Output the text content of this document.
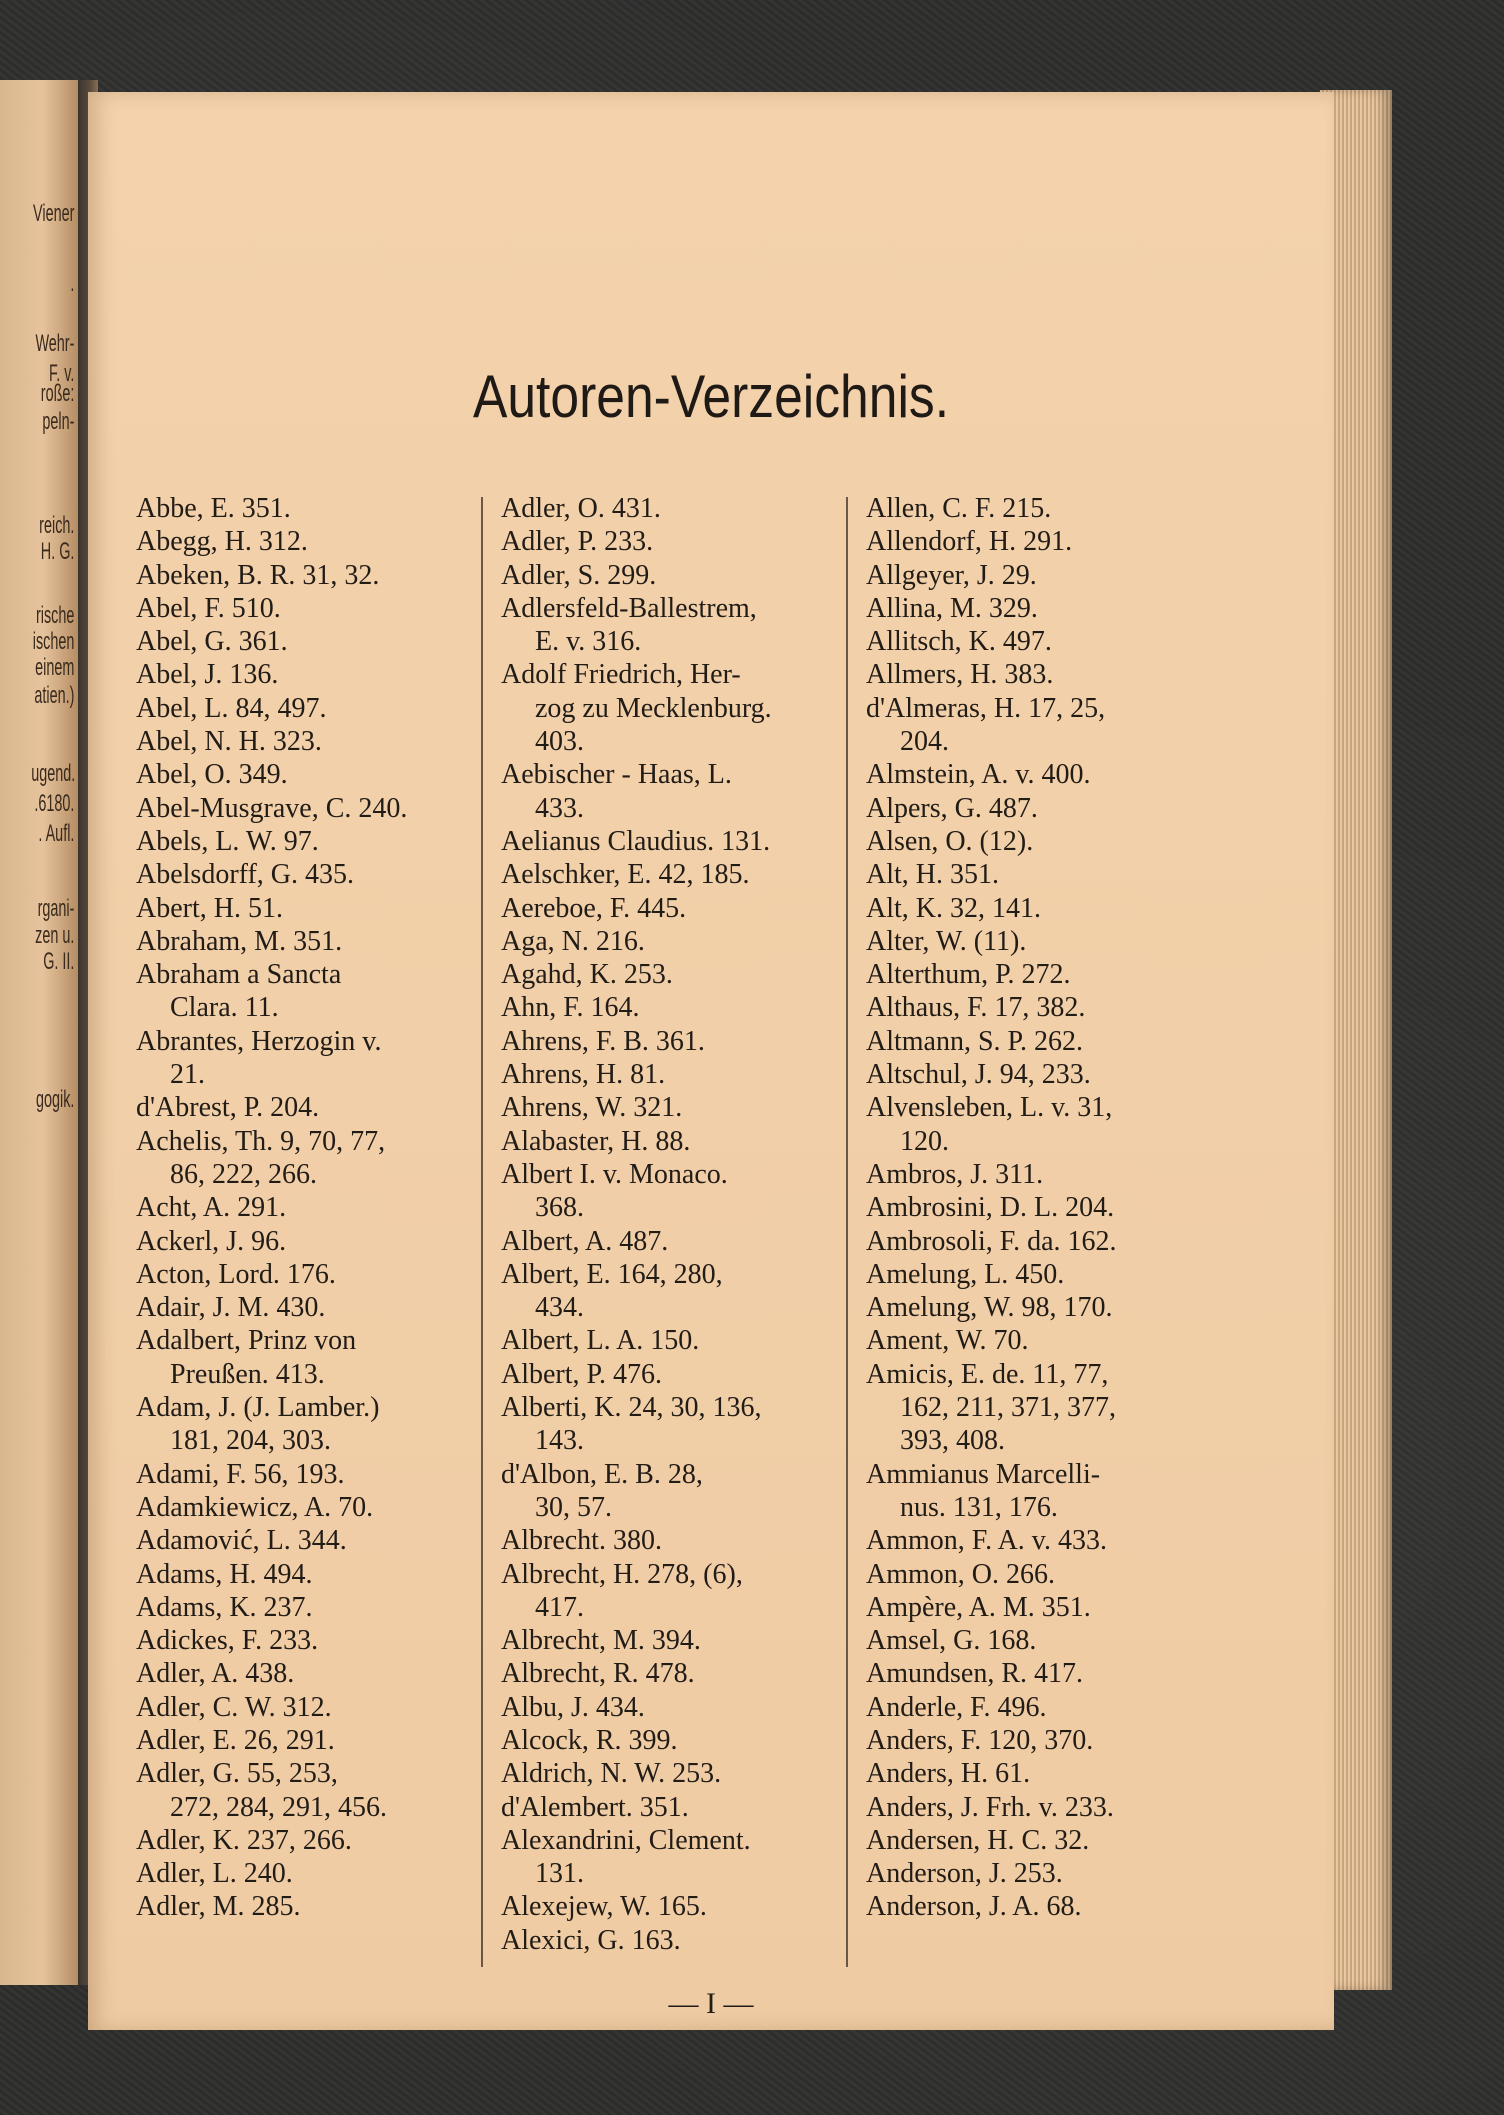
Viener
.
Wehr-
F. v.
roße:
peln-
reich.
H. G.
rische
ischen
einem
atien.)
ugend.
.6180.
. Aufl.
rgani-
zen u.
G. II.
gogik.
Autoren-Verzeichnis.
Abbe, E. 351.
Abegg, H. 312.
Abeken, B. R. 31, 32.
Abel, F. 510.
Abel, G. 361.
Abel, J. 136.
Abel, L. 84, 497.
Abel, N. H. 323.
Abel, O. 349.
Abel-Musgrave, C. 240.
Abels, L. W. 97.
Abelsdorff, G. 435.
Abert, H. 51.
Abraham, M. 351.
Abraham a Sancta
Clara. 11.
Abrantes, Herzogin v.
21.
d'Abrest, P. 204.
Achelis, Th. 9, 70, 77,
86, 222, 266.
Acht, A. 291.
Ackerl, J. 96.
Acton, Lord. 176.
Adair, J. M. 430.
Adalbert, Prinz von
Preußen. 413.
Adam, J. (J. Lamber.)
181, 204, 303.
Adami, F. 56, 193.
Adamkiewicz, A. 70.
Adamović, L. 344.
Adams, H. 494.
Adams, K. 237.
Adickes, F. 233.
Adler, A. 438.
Adler, C. W. 312.
Adler, E. 26, 291.
Adler, G. 55, 253,
272, 284, 291, 456.
Adler, K. 237, 266.
Adler, L. 240.
Adler, M. 285.
Adler, O. 431.
Adler, P. 233.
Adler, S. 299.
Adlersfeld-Ballestrem,
E. v. 316.
Adolf Friedrich, Her-
zog zu Mecklenburg.
403.
Aebischer - Haas, L.
433.
Aelianus Claudius. 131.
Aelschker, E. 42, 185.
Aereboe, F. 445.
Aga, N. 216.
Agahd, K. 253.
Ahn, F. 164.
Ahrens, F. B. 361.
Ahrens, H. 81.
Ahrens, W. 321.
Alabaster, H. 88.
Albert I. v. Monaco.
368.
Albert, A. 487.
Albert, E. 164, 280,
434.
Albert, L. A. 150.
Albert, P. 476.
Alberti, K. 24, 30, 136,
143.
d'Albon, E. B. 28,
30, 57.
Albrecht. 380.
Albrecht, H. 278, (6),
417.
Albrecht, M. 394.
Albrecht, R. 478.
Albu, J. 434.
Alcock, R. 399.
Aldrich, N. W. 253.
d'Alembert. 351.
Alexandrini, Clement.
131.
Alexejew, W. 165.
Alexici, G. 163.
Allen, C. F. 215.
Allendorf, H. 291.
Allgeyer, J. 29.
Allina, M. 329.
Allitsch, K. 497.
Allmers, H. 383.
d'Almeras, H. 17, 25,
204.
Almstein, A. v. 400.
Alpers, G. 487.
Alsen, O. (12).
Alt, H. 351.
Alt, K. 32, 141.
Alter, W. (11).
Alterthum, P. 272.
Althaus, F. 17, 382.
Altmann, S. P. 262.
Altschul, J. 94, 233.
Alvensleben, L. v. 31,
120.
Ambros, J. 311.
Ambrosini, D. L. 204.
Ambrosoli, F. da. 162.
Amelung, L. 450.
Amelung, W. 98, 170.
Ament, W. 70.
Amicis, E. de. 11, 77,
162, 211, 371, 377,
393, 408.
Ammianus Marcelli-
nus. 131, 176.
Ammon, F. A. v. 433.
Ammon, O. 266.
Ampère, A. M. 351.
Amsel, G. 168.
Amundsen, R. 417.
Anderle, F. 496.
Anders, F. 120, 370.
Anders, H. 61.
Anders, J. Frh. v. 233.
Andersen, H. C. 32.
Anderson, J. 253.
Anderson, J. A. 68.
— I —
